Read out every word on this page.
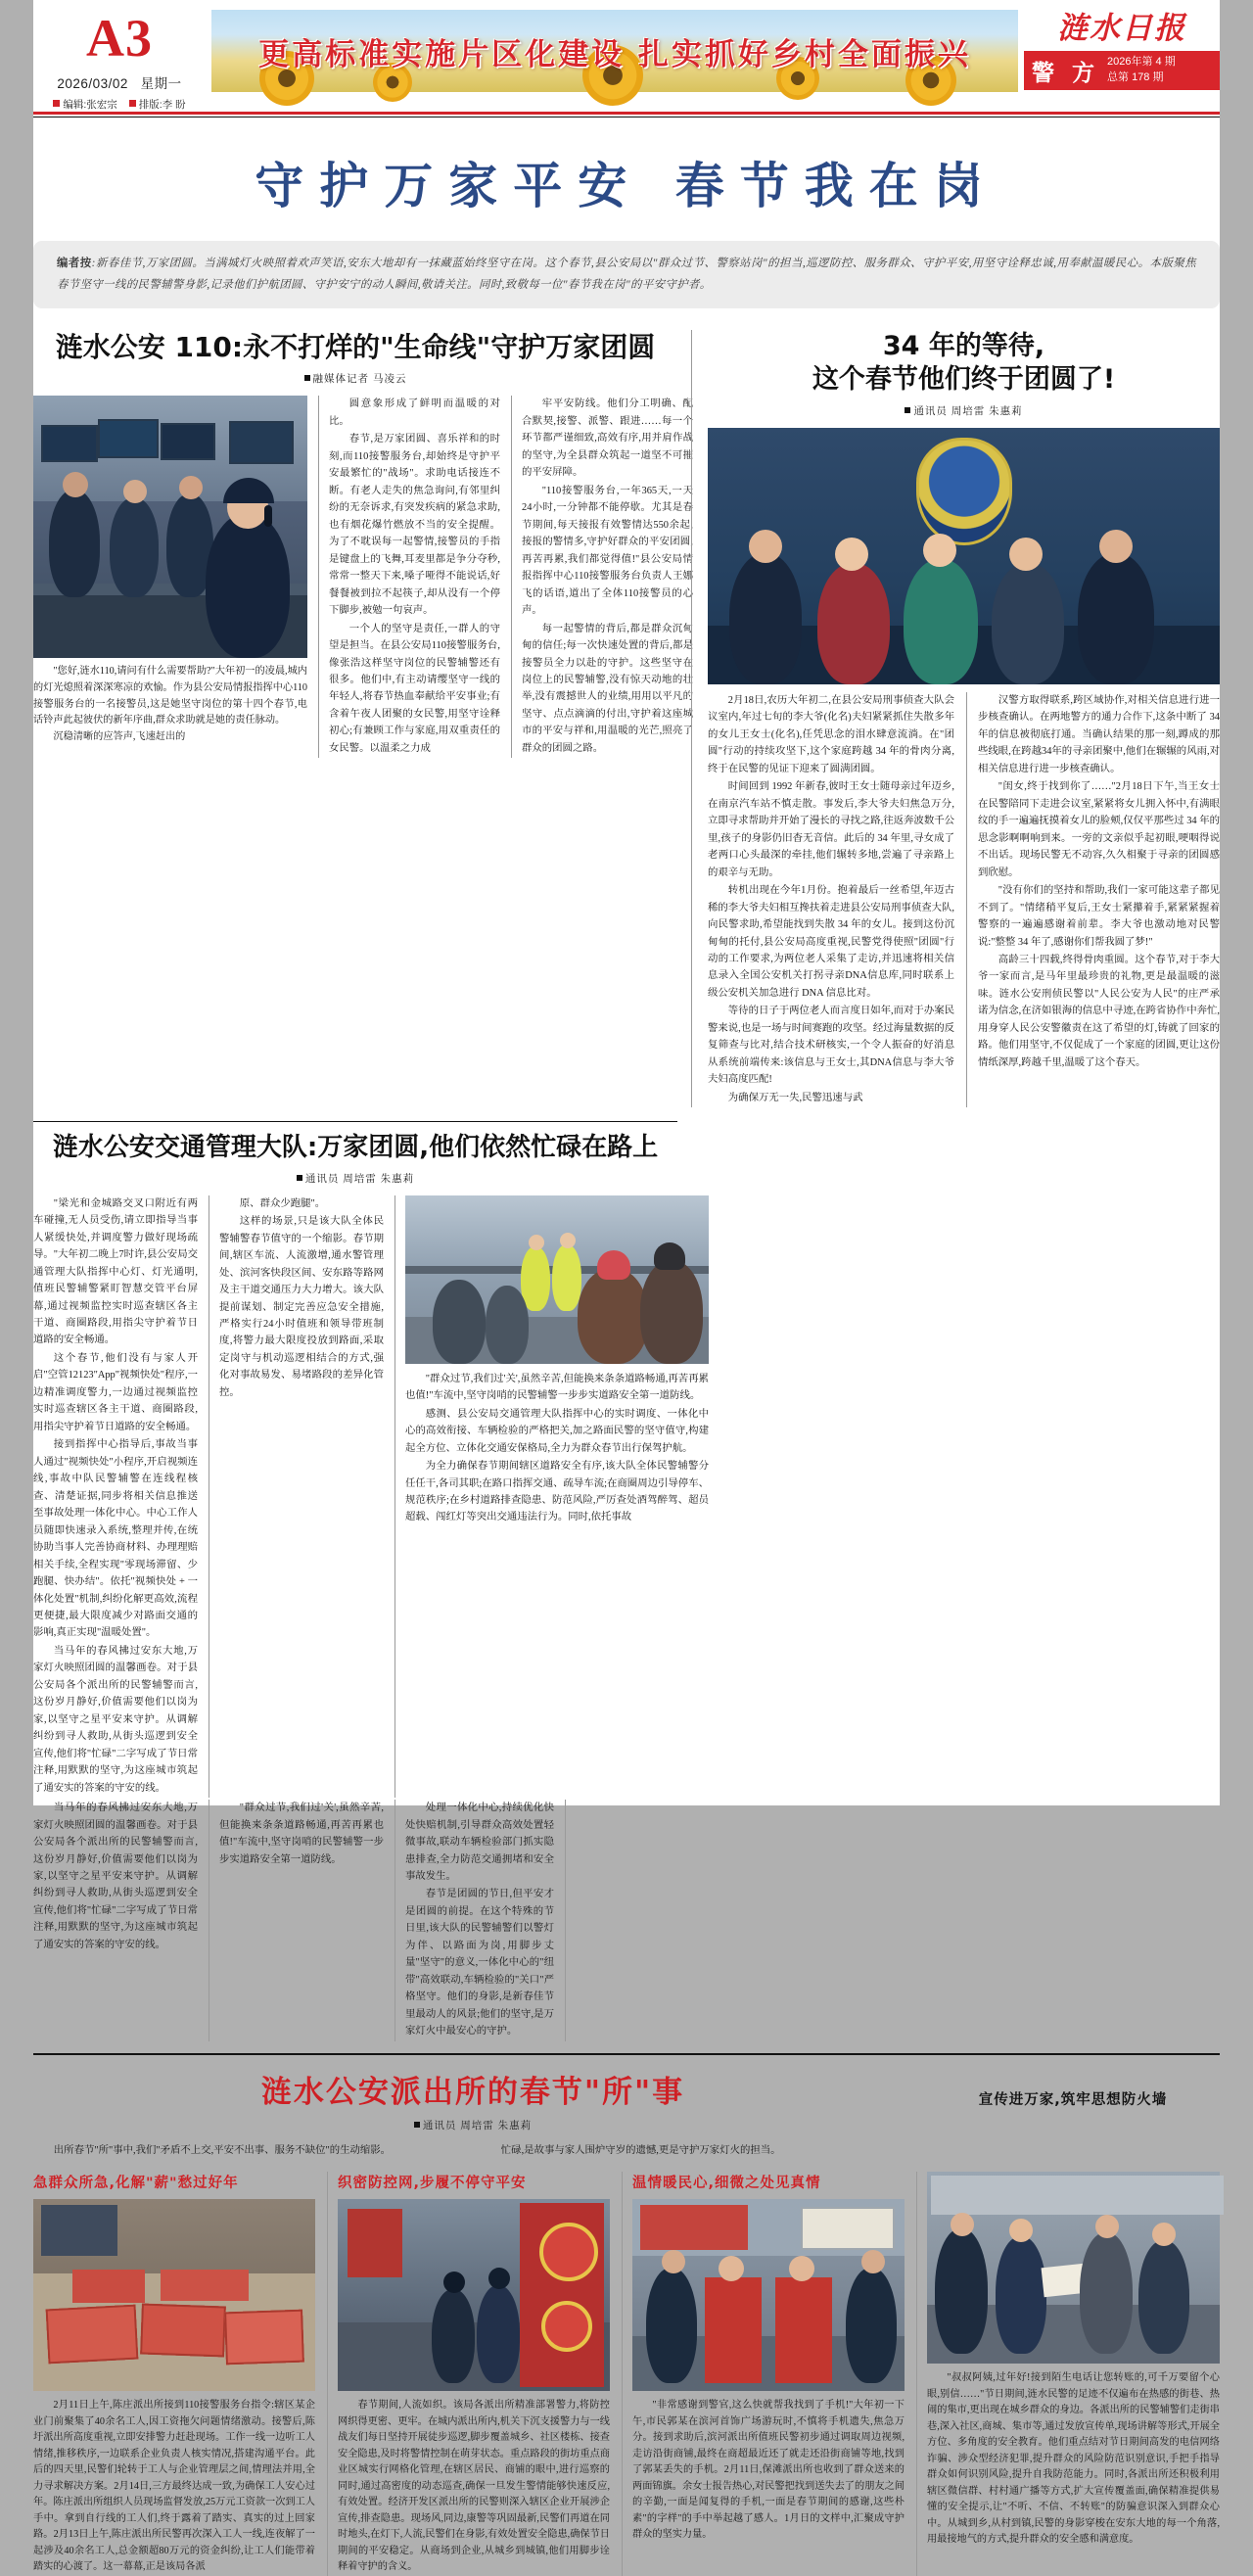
A3
2026/03/02 星期一
编辑:张宏宗	排版:李 盼
更高标准实施片区化建设 扎实抓好乡村全面振兴
涟水日报
警 方 2026年第 4 期
总第 178 期
守护万家平安 春节我在岗

编者按:新春佳节,万家团圆。当满城灯火映照着欢声笑语,安东大地却有一抹藏蓝始终坚守在岗。这个春节,县公安局以"群众过节、警察站岗"的担当,巡逻防控、服务群众、守护平安,用坚守诠释忠诚,用奉献温暖民心。本版聚焦春节坚守一线的民警辅警身影,记录他们护航团圆、守护安宁的动人瞬间,敬请关注。同时,致敬每一位"春节我在岗"的平安守护者。

涟水公安 110:永不打烊的"生命线"守护万家团圆
融媒体记者 马凌云

"您好,涟水110,请问有什么需要帮助?"大年初一的凌晨,城内的灯光熄照着深深寒凉的欢愉。作为县公安局情报指挥中心110接警服务台的一名接警员,这是她坚守岗位的第十四个春节,电话铃声此起彼伏的新年序曲,群众求助就是她的责任脉动。

沉稳清晰的应答声,飞速赶出的

圆意象形成了鲜明而温暖的对比。

春节,是万家团圆、喜乐祥和的时刻,而110接警服务台,却始终是守护平安最繁忙的"战场"。求助电话接连不断。有老人走失的焦急询问,有邻里纠纷的无奈诉求,有突发疾病的紧急求助,也有烟花爆竹燃放不当的安全提醒。为了不耽误每一起警情,接警员的手指是键盘上的飞舞,耳麦里都是争分夺秒,常常一整天下来,嗓子哑得不能说话,好餐餐被到拉不起筷子,却从没有一个停下脚步,被勉一句哀声。

一个人的坚守是责任,一群人的守望是担当。在县公安局110接警服务台,像张浩这样坚守岗位的民警辅警还有很多。他们中,有主动请缨坚守一线的年轻人,将春节热血奉献给平安事业;有含着午夜人团聚的女民警,用坚守诠释初心;有兼顾工作与家庭,用双重责任的女民警。以温柔之力成

牢平安防线。他们分工明确、配合默契,接警、派警、跟进……每一个环节都严谨细致,高效有序,用并肩作战的坚守,为全县群众筑起一道坚不可摧的平安屏障。

"110接警服务台,一年365天,一天24小时,一分钟都不能停歇。尤其是春节期间,每天接报有效警情达550余起,接报的警情多,守护好群众的平安团圆,再苦再累,我们都觉得值!"县公安局情报指挥中心110接警服务台负责人王娜飞的话语,道出了全体110接警员的心声。

每一起警情的背后,都是群众沉甸甸的信任;每一次快速处置的背后,都是接警员全力以赴的守护。这些坚守在岗位上的民警辅警,没有惊天动地的壮举,没有震撼世人的业绩,用用以平凡的坚守、点点滴滴的付出,守护着这座城市的平安与祥和,用温暖的光芒,照亮了群众的团圆之路。

34 年的等待,
这个春节他们终于团圆了!
通讯员 周培雷 朱惠莉

2月18日,农历大年初二,在县公安局刑事侦查大队会议室内,年过七旬的李大爷(化名)夫妇紧紧抓住失散多年的女儿王女士(化名),任凭思念的泪水肆意流淌。在"团圆"行动的持续攻坚下,这个家庭跨越 34 年的骨肉分离,终于在民警的见证下迎来了圆满团圆。

时间回到 1992 年新春,彼时王女士随母亲过年迈乡,在南京汽车站不慎走散。事发后,李大爷夫妇焦急万分,立即寻求帮助并开始了漫长的寻找之路,往返奔波数千公里,孩子的身影仍旧杳无音信。此后的 34 年里,寻女成了老两口心头最深的牵挂,他们辗转多地,尝遍了寻亲路上的艰辛与无助。

转机出现在今年1月份。抱着最后一丝希望,年迈古稀的李大爷夫妇相互搀扶着走进县公安局刑事侦查大队,向民警求助,希望能找到失散 34 年的女儿。接到这份沉甸甸的托付,县公安局高度重视,民警党得使照"团圆"行动的工作要求,为两位老人采集了走访,并迅速将相关信息录入全国公安机关打拐寻亲DNA信息库,同时联系上级公安机关加急进行 DNA 信息比对。

等待的日子于两位老人而言度日如年,而对于办案民警来说,也是一场与时间赛跑的攻坚。经过海量数据的反复筛查与比对,结合技术研核实,一个令人振奋的好消息从系统前端传来:该信息与王女士,其DNA信息与李大爷夫妇高度匹配!

为确保万无一失,民警迅速与武

汉警方取得联系,跨区域协作,对相关信息进行进一步核查确认。在两地警方的通力合作下,这条中断了 34 年的信息被彻底打通。当确认结果的那一刻,蹲成的那些线眼,在跨越34年的寻亲团聚中,他们在辗辗的风雨,对相关信息进行进一步核查确认。

"闺女,终于找到你了……"2月18日下午,当王女士在民警陪同下走进会议室,紧紧将女儿拥入怀中,有满眼纹的手一遍遍抚摸着女儿的脸颊,仅仅平那些过 34 年的思念影啊啊响到来。一旁的文亲似乎起初眼,哽咽得说不出话。现场民警无不动容,久久相聚于寻亲的团圆感到欣慰。

"没有你们的坚持和帮助,我们一家可能这辈子都见不到了。"情绪稍平复后,王女士紧攥着手,紧紧紧握着警察的一遍遍感谢着前辈。李大爷也激动地对民警说:"整整 34 年了,感谢你们帮我圆了梦!"

高龄三十四载,终得骨肉重圆。这个春节,对于李大爷一家而言,是马年里最珍贵的礼物,更是最温暖的滋味。涟水公安刑侦民警以"人民公安为人民"的庄严承诺为信念,在济如银海的信息中寻迹,在跨省协作中奔忙,用身穿人民公安警徽责在这了希望的灯,铸就了回家的路。他们用坚守,不仅促成了一个家庭的团圆,更让这份情纸深厚,跨越千里,温暖了这个春天。

涟水公安交通管理大队:万家团圆,他们依然忙碌在路上
通讯员 周培雷 朱惠莉

"梁光和金城路交叉口附近有两车碰撞,无人员受伤,请立即指导当事人紧缓快处,并调度警力做好现场疏导。"大年初二晚上7时许,县公安局交通管理大队指挥中心灯、灯光通明,值班民警辅警紧盯智慧交管平台屏幕,通过视频监控实时巡查辖区各主干道、商圈路段,用指尖守护着节日道路的安全畅通。

这个春节,他们没有与家人开启"空管12123"App"视频快处"程序,一边精准调度警力,一边通过视频监控实时巡查辖区各主干道、商圈路段,用指尖守护着节日道路的安全畅通。

接到指挥中心指导后,事故当事人通过"视频快处"小程序,开启视频连线,事故中队民警辅警在连线程核查、清楚证据,同步将相关信息推送至事故处理一体化中心。中心工作人员随即快速录入系统,整理并传,在统协助当事人完善协商材料、办理理赔相关手续,全程实现"零现场滞留、少跑腿、快办结"。依托"视频快处 + 一体化处置"机制,纠纷化解更高效,流程更便捷,最大限度减少对路面交通的影响,真正实现"温暖处置"。

当马年的春风拂过安东大地,万家灯火映照团圆的温馨画卷。对于县公安局各个派出所的民警辅警而言,这份岁月静好,价值需要他们以岗为家,以坚守之星平安来守护。从调解纠纷到寻人救助,从街头巡逻到安全宣传,他们将"忙碌"二字写成了节日常注释,用默默的坚守,为这座城市筑起了通安实的答案的守安的线。

原、群众少跑腿"。

这样的场景,只是该大队全体民警辅警春节值守的一个缩影。春节期间,辖区车流、人流激增,通水警管理处、滨河客快段区间、安东路等路网及主干道交通压力大力增大。该大队提前谋划、制定完善应急安全措施,严格实行24小时值班和领导带班制度,将警力最大限度投放到路面,采取定岗守与机动巡逻相结合的方式,强化对事故易发、易堵路段的差异化管控。

"群众过节,我们过'关',虽然辛苦,但能换来条条道路畅通,再苦再累也值!"车流中,坚守岗哨的民警辅警一步步实道路安全第一道防线。

感测、县公安局交通管理大队指挥中心的实时调度、一体化中心的高效衔接、车辆检验的严格把关,加之路面民警的坚守值守,构建起全方位、立体化交通安保格局,全力为群众春节出行保驾护航。

为全力确保春节期间辖区道路安全有序,该大队全体民警辅警分任任干,各司其职;在路口指挥交通、疏导车流;在商圈周边引导停车、规范秩序;在乡村道路排查隐患、防范风险,严厉查处酒驾醉驾、超员超载、闯红灯等突出交通违法行为。同时,依托事故

当马年的春风拂过安东大地,万家灯火映照团圆的温馨画卷。对于县公安局各个派出所的民警辅警而言,这份岁月静好,价值需要他们以岗为家,以坚守之星平安来守护。从调解纠纷到寻人救助,从街头巡逻到安全宣传,他们将"忙碌"二字写成了节日常注释,用默默的坚守,为这座城市筑起了通安实的答案的守安的线。

"群众过节,我们过'关',虽然辛苦,但能换来条条道路畅通,再苦再累也值!"车流中,坚守岗哨的民警辅警一步步实道路安全第一道防线。

处理一体化中心,持续优化快处快赔机制,引导群众高效处置轻微事故,联动车辆检验部门抓实隐患排查,全力防范交通拥堵和安全事故发生。

春节是团圆的节日,但平安才是团圆的前提。在这个特殊的节日里,该大队的民警辅警们以警灯为伴、以路面为岗,用脚步丈量"坚守"的意义,一体化中心的"纽带"高效联动,车辆检验的"关口"严格坚守。他们的身影,是新春佳节里最动人的风景;他们的坚守,是万家灯火中最安心的守护。

涟水公安派出所的春节"所"事
通讯员 周培雷 朱惠莉

出所春节"所"事中,我们"矛盾不上交,平安不出事、服务不缺位"的生动缩影。	忙碌,是故事与家人围炉守岁的遗憾,更是守护万家灯火的担当。

宣传进万家,筑牢思想防火墙
急群众所急,化解"薪"愁过好年

2月11日上午,陈庄派出所接到110接警服务台指令:辖区某企业门前聚集了40余名工人,因工资拖欠问题情绪激动。接警后,陈圩派出所高度重视,立即安排警力赶赴现场。工作一线一边听工人情绪,推移秩序,一边联系企业负责人核实情况,搭建沟通平台。此后的四天里,民警们轮转于工人与企业管理层之间,情理法并用,全力寻求解决方案。2月14日,三方最终达成一致,为确保工人安心过年。陈庄派出所组织人员现场监督发放,25万元工资款一次到工人手中。拿到自行线的工人们,终于露着了踏实、真实的过上回家路。2月13日上午,陈庄派出所民警再次深入工人一线,连夜解了一起涉及40余名工人,总金额超80万元的资金纠纷,让工人们能带着踏实的心渡了。这一幕幕,正是该局各派

织密防控网,步履不停守平安

春节期间,人流如织。该局各派出所精准部署警力,将防控网织得更密、更牢。在城内派出所内,机关下沉支援警力与一线战友们每日坚持开展徒步巡逻,脚步覆盖城乡、社区楼栋、接查安全隐患,及时将警情控制在萌芽状态。重点路段的街坊重点商业区城实行网格化管理,在辖区居民、商铺的眼中,进行巡察的同时,通过高密度的动态巡查,确保一旦发生警情能够快速反应,有效处置。经济开发区派出所的民警则深入辖区企业开展涉企宣传,排查隐患。现场风,同边,康警等巩固最新,民警们再道在同时地头,在灯下,人流,民警们在身影,有效处置安全隐患,确保节日期间的平安稳定。从商场到企业,从城乡到城镇,他们用脚步诠释着守护的含义。

温情暖民心,细微之处见真情

"非常感谢到警官,这么快就帮我找到了手机!"大年初一下午,市民郭某在滨河首饰广场游玩时,不慎将手机遗失,焦急万分。接到求助后,滨河派出所值班民警初步通过调取周边视频,走访沿街商铺,最终在商超最近还了就走还沿街商铺等地,找到了郭某丢失的手机。2月11日,保滩派出所也收到了群众送来的两面锦旗。余女士报告热心,对民警把找到送失去了的朋友之间的辛勤,一面是闻复得的手机,一面是春节期间的感谢,这些朴素"的字样"的手中举起越了感人。1月日的文样中,汇聚成守护群众的坚实力量。

"叔叔阿姨,过年好!接到陌生电话让您转账的,可千万要留个心眼,别信……"节日期间,涟水民警的足迹不仅遍布在热感的街巷、热闹的集市,更出现在城乡群众的身边。各派出所的民警辅警们走街串巷,深入社区,商城、集市等,通过发放宣传单,现场讲解等形式,开展全方位、多角度的安全教育。他们重点结对节日期间高发的电信网络诈骗、涉众型经济犯罪,提升群众的风险防范识别意识,手把手指导群众如何识别风险,提升自我防范能力。同时,各派出所还积极利用辖区微信群、村村通广播等方式,扩大宣传覆盖面,确保精准提供易懂的安全提示,让"不听、不信、不转账"的防骗意识深入到群众心中。从城到乡,从村到镇,民警的身影穿梭在安东大地的每一个角落,用最接地气的方式,提升群众的安全感和满意度。
